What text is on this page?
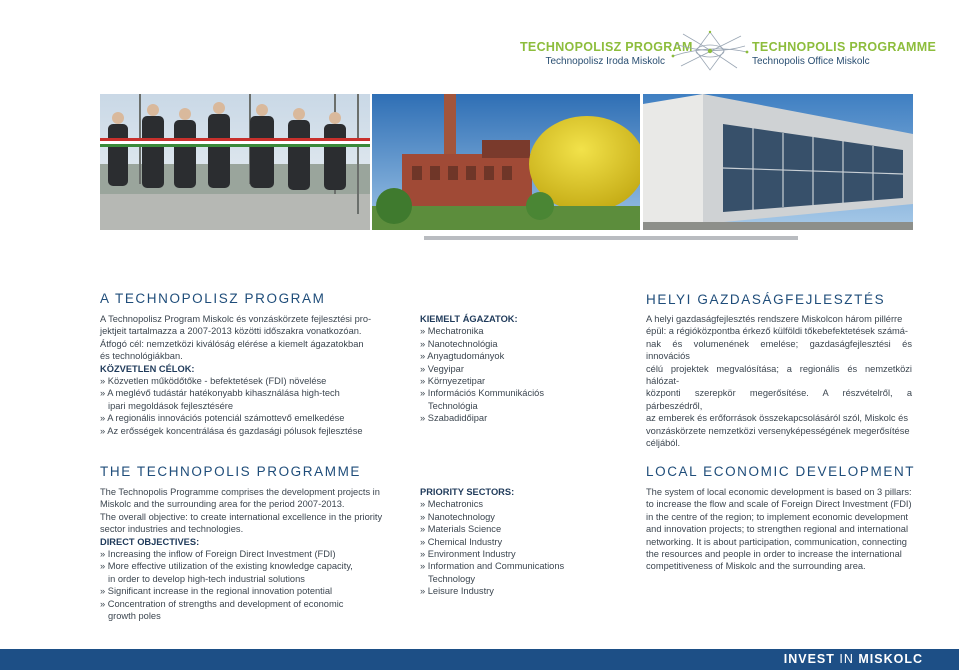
TECHNOPOLISZ PROGRAM
Technopolisz Iroda Miskolc
TECHNOPOLIS PROGRAMME
Technopolis Office Miskolc
A TECHNOPOLISZ PROGRAM

A Technopolisz Program Miskolc és vonzáskörzete fejlesztési pro-

jektjeit tartalmazza a 2007-2013 közötti időszakra vonatkozóan.

Átfogó cél: nemzetközi kiválóság elérése a kiemelt ágazatokban

és technológiákban.

KÖZVETLEN CÉLOK:

» Közvetlen működőtőke - befektetések (FDI) növelése

» A meglévő tudástár hatékonyabb kihasználása high-tech

ipari megoldások fejlesztésére

» A regionális innovációs potenciál számottevő emelkedése

» Az erősségek koncentrálása és gazdasági pólusok fejlesztése

KIEMELT ÁGAZATOK:

» Mechatronika

» Nanotechnológia

» Anyagtudományok

» Vegyipar

» Környezetipar

» Információs Kommunikációs

Technológia

» Szabadidőipar

HELYI GAZDASÁGFEJLESZTÉS

A helyi gazdaságfejlesztés rendszere Miskolcon három pillérre

épül: a régióközpontba érkező külföldi tőkebefektetések számá-

nak és volumenének emelése; gazdaságfejlesztési és innovációs

célú projektek megvalósítása; a regionális és nemzetközi hálózat-

központi szerepkör megerősítése. A részvételről, a párbeszédről,

az emberek és erőforrások összekapcsolásáról szól, Miskolc és

vonzáskörzete nemzetközi versenyképességének megerősítése

céljából.

THE TECHNOPOLIS PROGRAMME

The Technopolis Programme comprises the development projects in

Miskolc and the surrounding area for the period 2007-2013.

The overall objective: to create international excellence in the priority

sector industries and technologies.

DIRECT OBJECTIVES:

» Increasing the inflow of Foreign Direct Investment (FDI)

» More effective utilization of the existing knowledge capacity,

in order to develop high-tech industrial solutions

» Significant increase in the regional innovation potential

» Concentration of strengths and development of economic

growth poles

PRIORITY SECTORS:

» Mechatronics

» Nanotechnology

» Materials Science

» Chemical Industry

» Environment Industry

» Information and Communications

Technology

» Leisure Industry

LOCAL ECONOMIC DEVELOPMENT

The system of local economic development is based on 3 pillars:

to increase the flow and scale of Foreign Direct Investment (FDI)

in the centre of the region; to implement economic development

and innovation projects; to strengthen regional and international

networking. It is about participation, communication, connecting

the resources and people in order to increase the international

competitiveness of Miskolc and the surrounding area.

INVEST IN MISKOLC
